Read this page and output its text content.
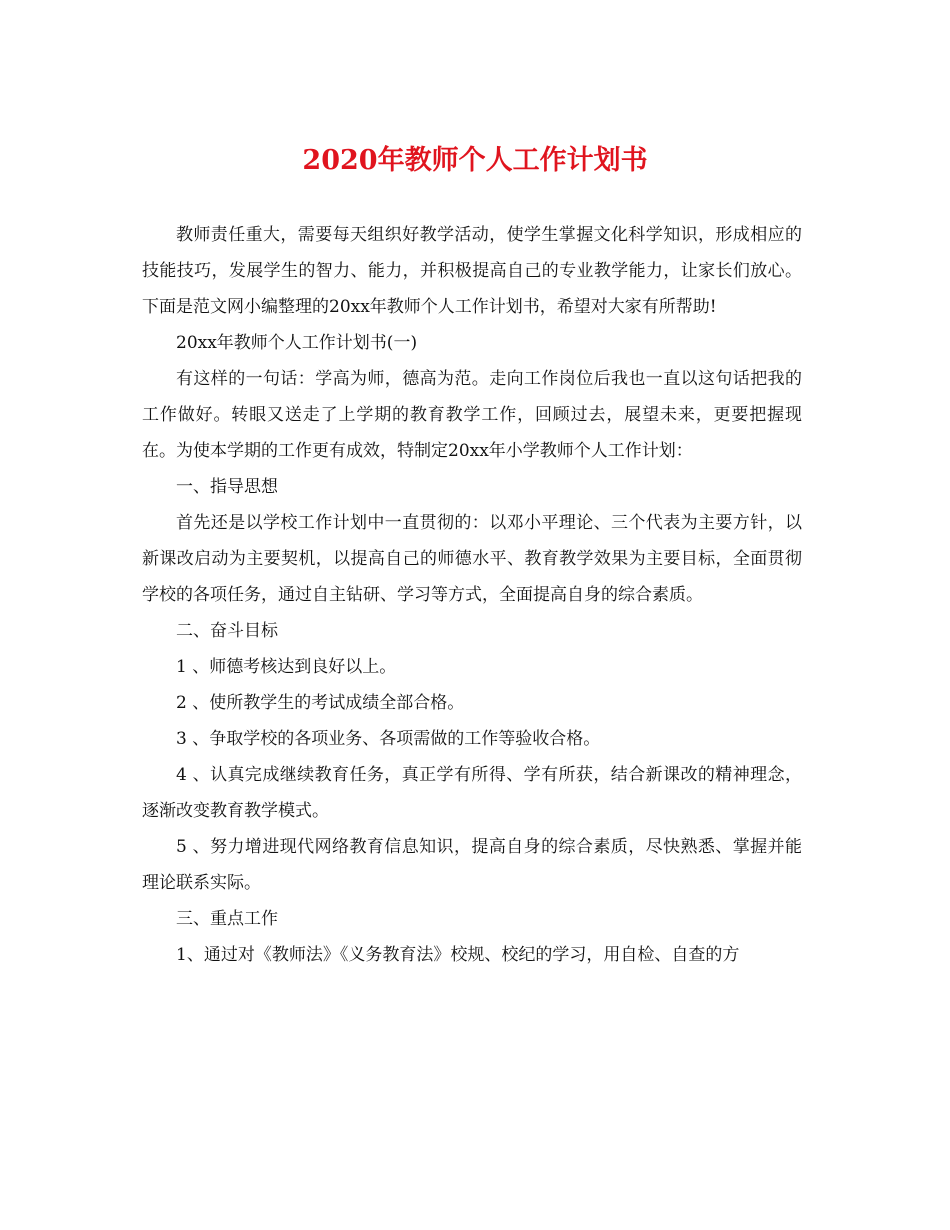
2020年教师个人工作计划书

教师责任重大，需要每天组织好教学活动，使学生掌握文化科学知识，形成相应的技能技巧，发展学生的智力、能力，并积极提高自己的专业教学能力，让家长们放心。下面是范文网小编整理的20xx年教师个人工作计划书，希望对大家有所帮助!

20xx年教师个人工作计划书(一)

有这样的一句话：学高为师，德高为范。走向工作岗位后我也一直以这句话把我的工作做好。转眼又送走了上学期的教育教学工作，回顾过去，展望未来，更要把握现在。为使本学期的工作更有成效，特制定20xx年小学教师个人工作计划：

一、指导思想

首先还是以学校工作计划中一直贯彻的：以邓小平理论、三个代表为主要方针，以新课改启动为主要契机，以提高自己的师德水平、教育教学效果为主要目标，全面贯彻学校的各项任务，通过自主钻研、学习等方式，全面提高自身的综合素质。

二、奋斗目标

1 、师德考核达到良好以上。

2 、使所教学生的考试成绩全部合格。

3 、争取学校的各项业务、各项需做的工作等验收合格。

4 、认真完成继续教育任务，真正学有所得、学有所获，结合新课改的精神理念，逐渐改变教育教学模式。

5 、努力增进现代网络教育信息知识，提高自身的综合素质，尽快熟悉、掌握并能理论联系实际。

三、重点工作

1、通过对《教师法》《义务教育法》校规、校纪的学习，用自检、自查的方
